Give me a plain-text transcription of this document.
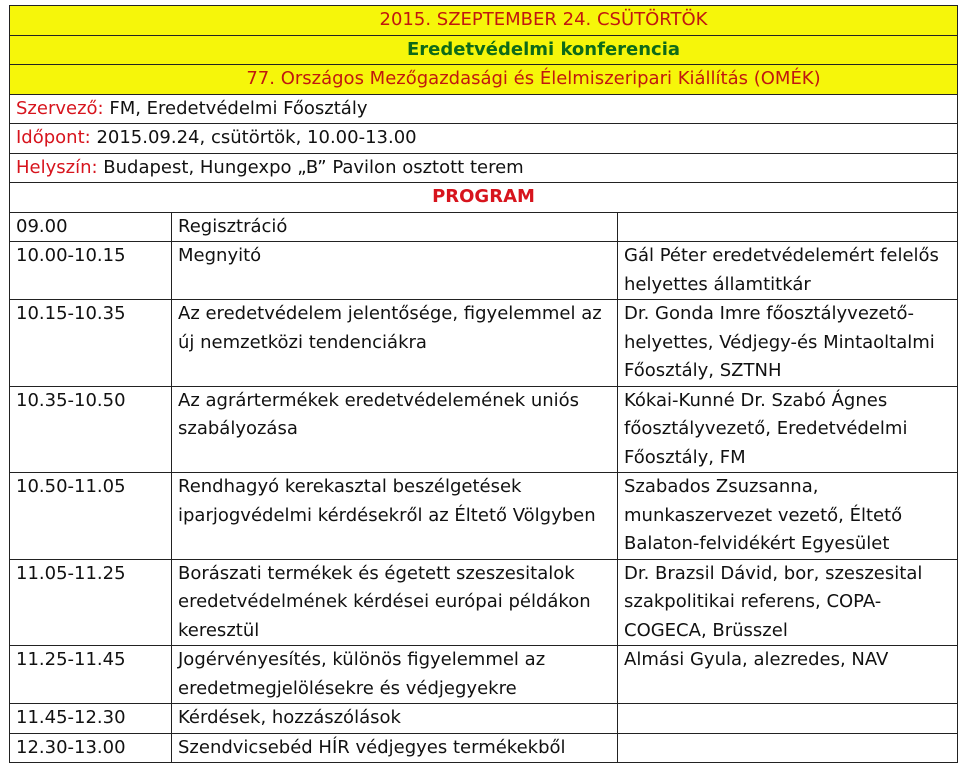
2015. SZEPTEMBER 24. CSÜTÖRTÖK		
Eredetvédelmi konferencia		
77. Országos Mezőgazdasági és Élelmiszeripari Kiállítás (OMÉK)		
Szervező: FM, Eredetvédelmi Főosztály		
Időpont: 2015.09.24, csütörtök, 10.00-13.00		
Helyszín: Budapest, Hungexpo „B” Pavilon osztott terem		
PROGRAM		
09.00	Regisztráció	
10.00-10.15	Megnyitó	Gál Péter eredetvédelemért felelős helyettes államtitkár
10.15-10.35	Az eredetvédelem jelentősége, figyelemmel az új nemzetközi tendenciákra	Dr. Gonda Imre főosztályvezető-helyettes, Védjegy-és Mintaoltalmi Főosztály, SZTNH
10.35-10.50	Az agrártermékek eredetvédelemének uniós szabályozása	Kókai-Kunné Dr. Szabó Ágnes főosztályvezető, Eredetvédelmi Főosztály, FM
10.50-11.05	Rendhagyó kerekasztal beszélgetések iparjogvédelmi kérdésekről az Éltető Völgyben	Szabados Zsuzsanna, munkaszervezet vezető, Éltető Balaton-felvidékért Egyesület
11.05-11.25	Borászati termékek és égetett szeszesitalok eredetvédelmének kérdései európai példákon keresztül	Dr. Brazsil Dávid, bor, szeszesital szakpolitikai referens, COPA-COGECA, Brüsszel
11.25-11.45	Jogérvényesítés, különös figyelemmel az eredetmegjelölésekre és védjegyekre	Almási Gyula, alezredes, NAV
11.45-12.30	Kérdések, hozzászólások	
12.30-13.00	Szendvicsebéd HÍR védjegyes termékekből	
